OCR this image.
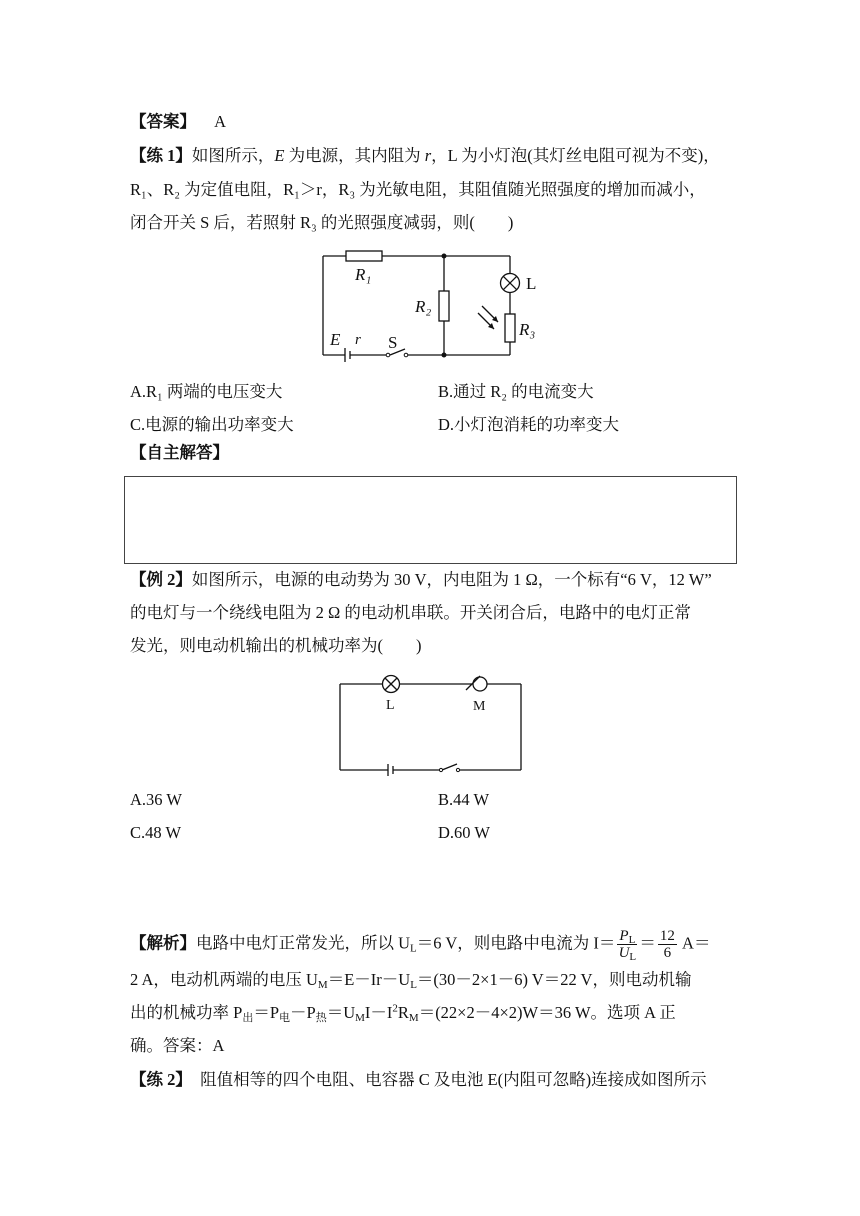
【答案】 A
【练 1】如图所示，E 为电源，其内阻为 r，L 为小灯泡(其灯丝电阻可视为不变)，
R₁、R₂ 为定值电阻，R₁＞r，R₃ 为光敏电阻，其阻值随光照强度的增加而减小，
闭合开关 S 后，若照射 R₃ 的光照强度减弱，则(　　)
R₁
R₂
R₃
L
E r S
A.R₁ 两端的电压变大	B.通过 R₂ 的电流变大
C.电源的输出功率变大	D.小灯泡消耗的功率变大
【自主解答】
【例 2】如图所示，电源的电动势为 30 V，内电阻为 1 Ω，一个标有“6 V，12 W”
的电灯与一个绕线电阻为 2 Ω 的电动机串联。开关闭合后，电路中的电灯正常
发光，则电动机输出的机械功率为(　　)
L	M
A.36 W	B.44 W
C.48 W	D.60 W
【解析】电路中电灯正常发光，所以 $U_L=6$ V，则电路中电流为 $I= \frac{P_L}{U_L} = \frac{12}{6} A=$
2 A，电动机两端的电压 $U_M=E-Ir-U_L=(30-2\times 1-6)$ V＝22 V，则电动机输
出的机械功率 $P_出=P_电-P_热=U_MI-I^2R_M=(22\times 2-4\times 2)W=36$ W。选项 A 正
确。答案：A
【练 2】  阻值相等的四个电阻、电容器 C 及电池 E(内阻可忽略)连接成如图所示
